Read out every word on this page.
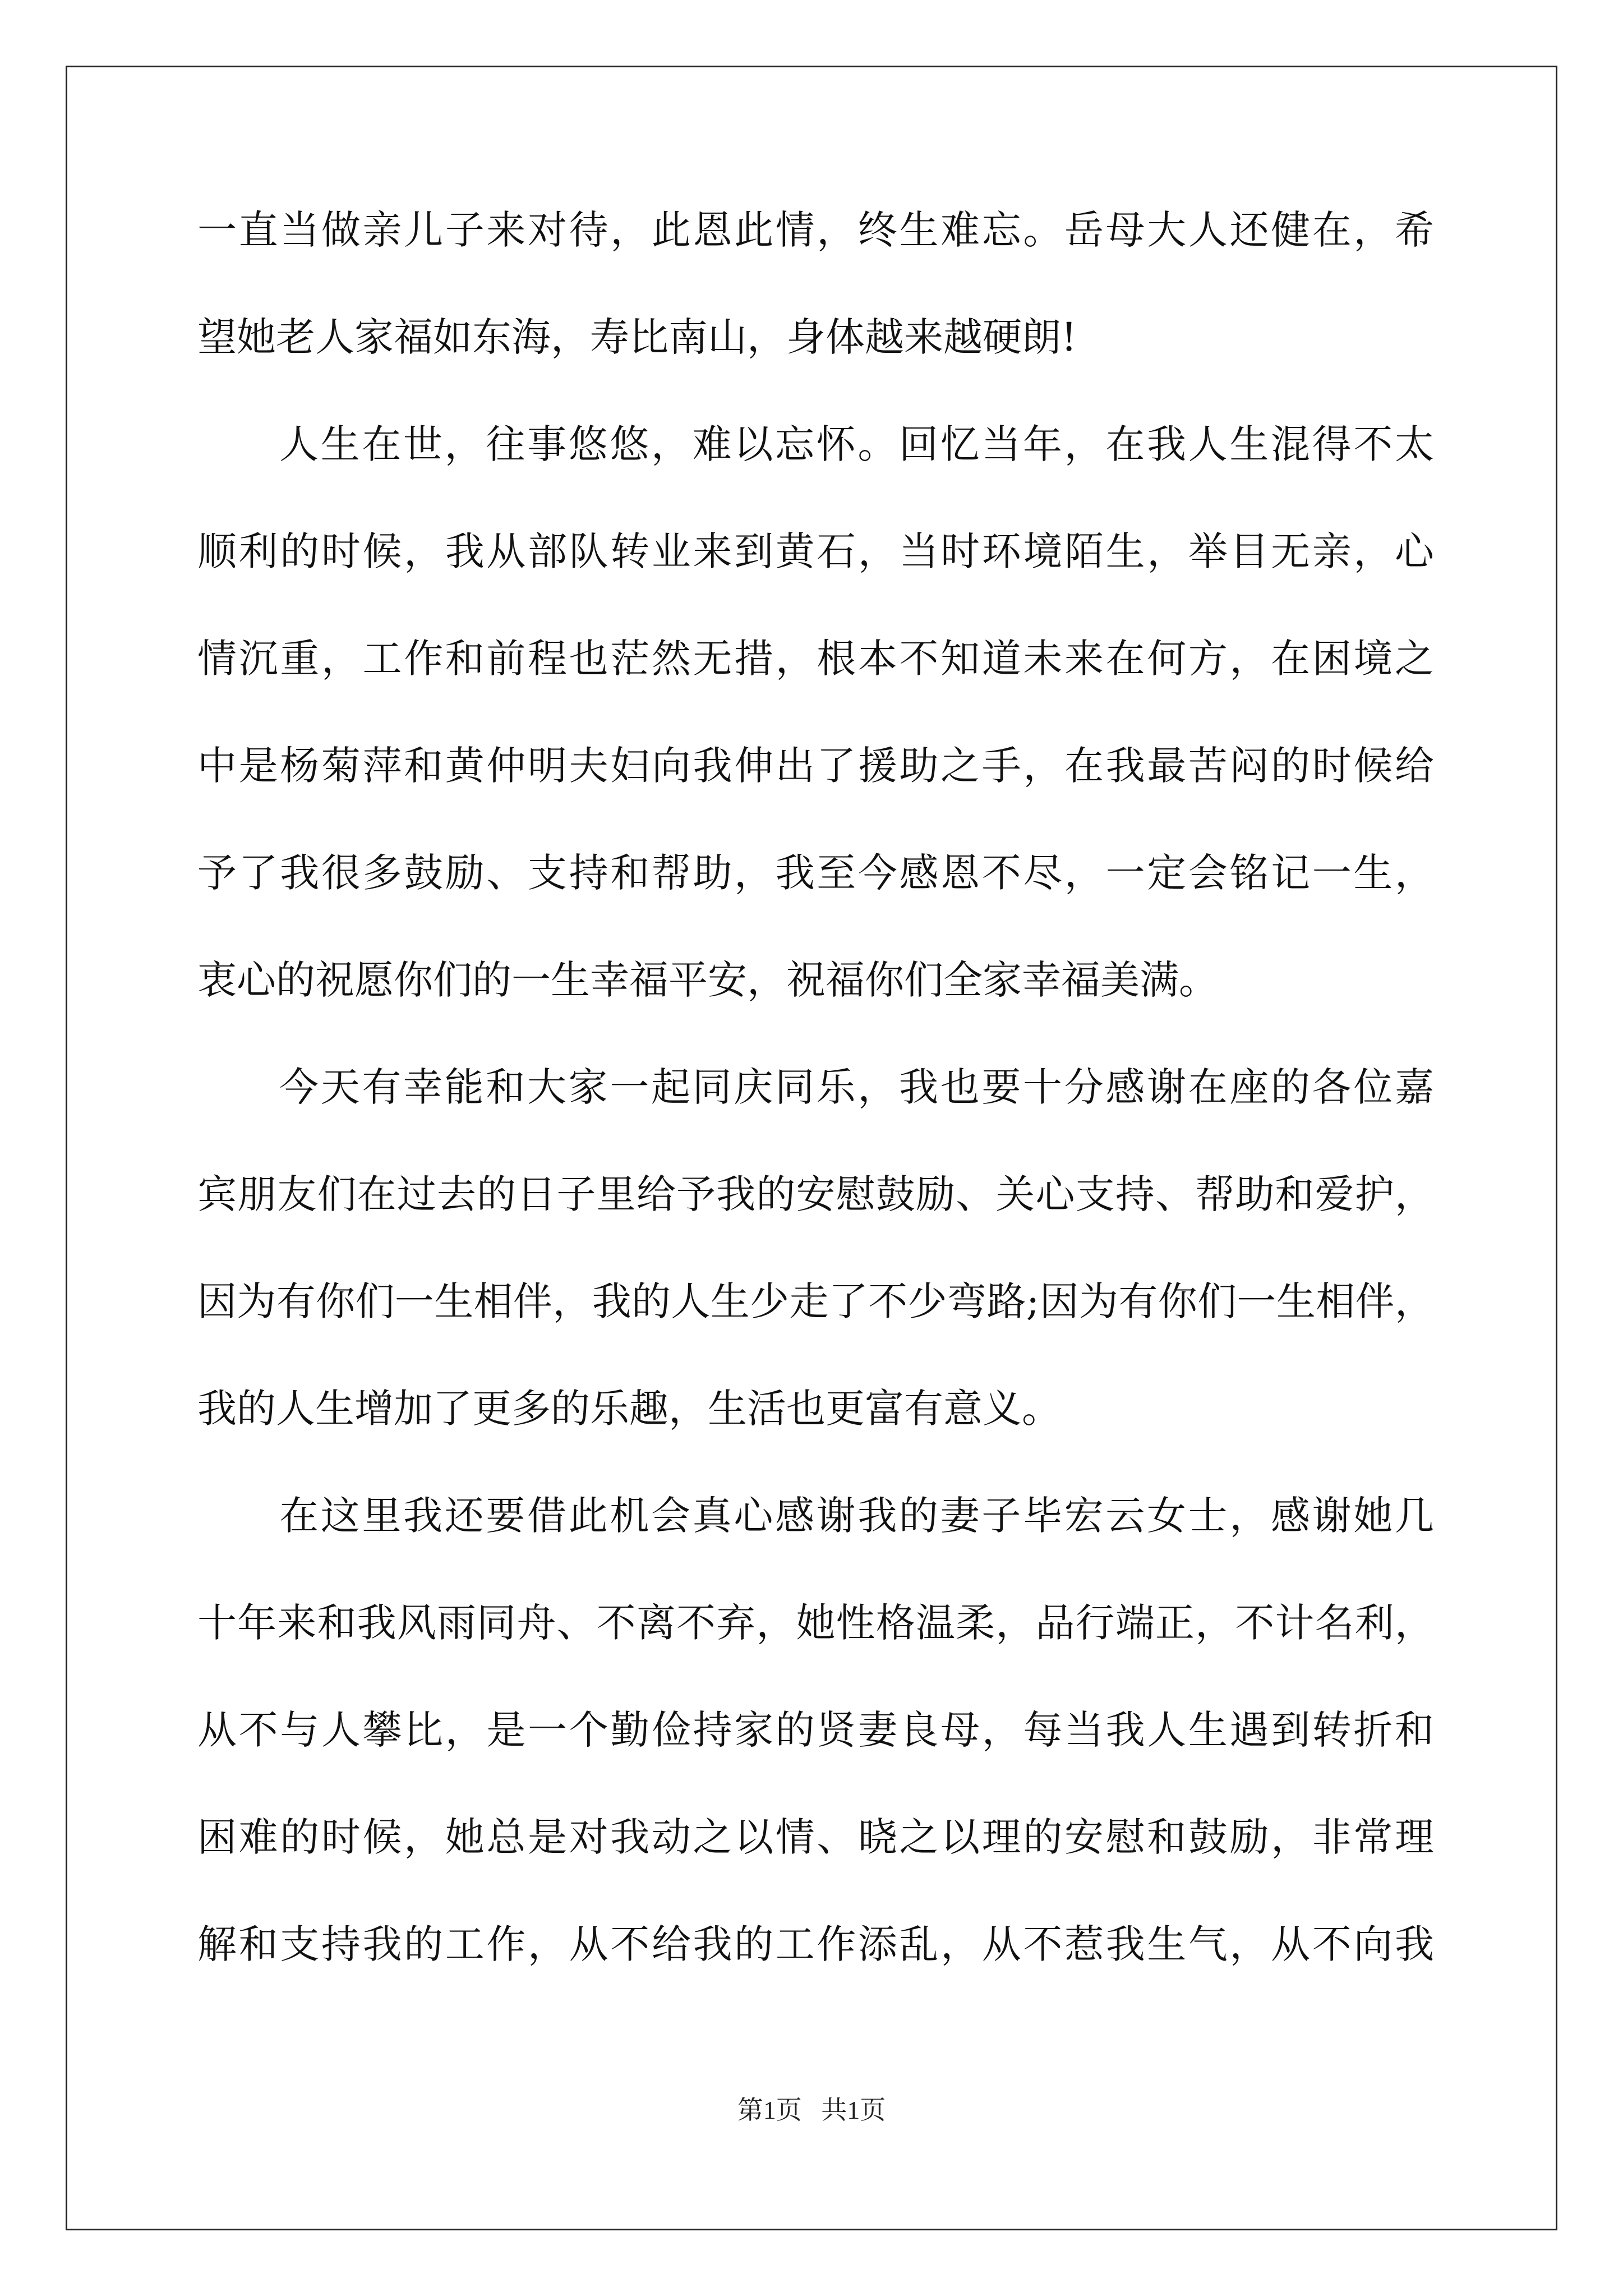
一直当做亲儿子来对待，此恩此情，终生难忘。岳母大人还健在，希
望她老人家福如东海，寿比南山，身体越来越硬朗!
人生在世，往事悠悠，难以忘怀。回忆当年，在我人生混得不太
顺利的时候，我从部队转业来到黄石，当时环境陌生，举目无亲，心
情沉重，工作和前程也茫然无措，根本不知道未来在何方，在困境之
中是杨菊萍和黄仲明夫妇向我伸出了援助之手，在我最苦闷的时候给
予了我很多鼓励、支持和帮助，我至今感恩不尽，一定会铭记一生，
衷心的祝愿你们的一生幸福平安，祝福你们全家幸福美满。
今天有幸能和大家一起同庆同乐，我也要十分感谢在座的各位嘉
宾朋友们在过去的日子里给予我的安慰鼓励、关心支持、帮助和爱护，
因为有你们一生相伴，我的人生少走了不少弯路;因为有你们一生相伴，
我的人生增加了更多的乐趣，生活也更富有意义。
在这里我还要借此机会真心感谢我的妻子毕宏云女士，感谢她几
十年来和我风雨同舟、不离不弃，她性格温柔，品行端正，不计名利，
从不与人攀比，是一个勤俭持家的贤妻良母，每当我人生遇到转折和
困难的时候，她总是对我动之以情、晓之以理的安慰和鼓励，非常理
解和支持我的工作，从不给我的工作添乱，从不惹我生气，从不向我
第1页   共1页
